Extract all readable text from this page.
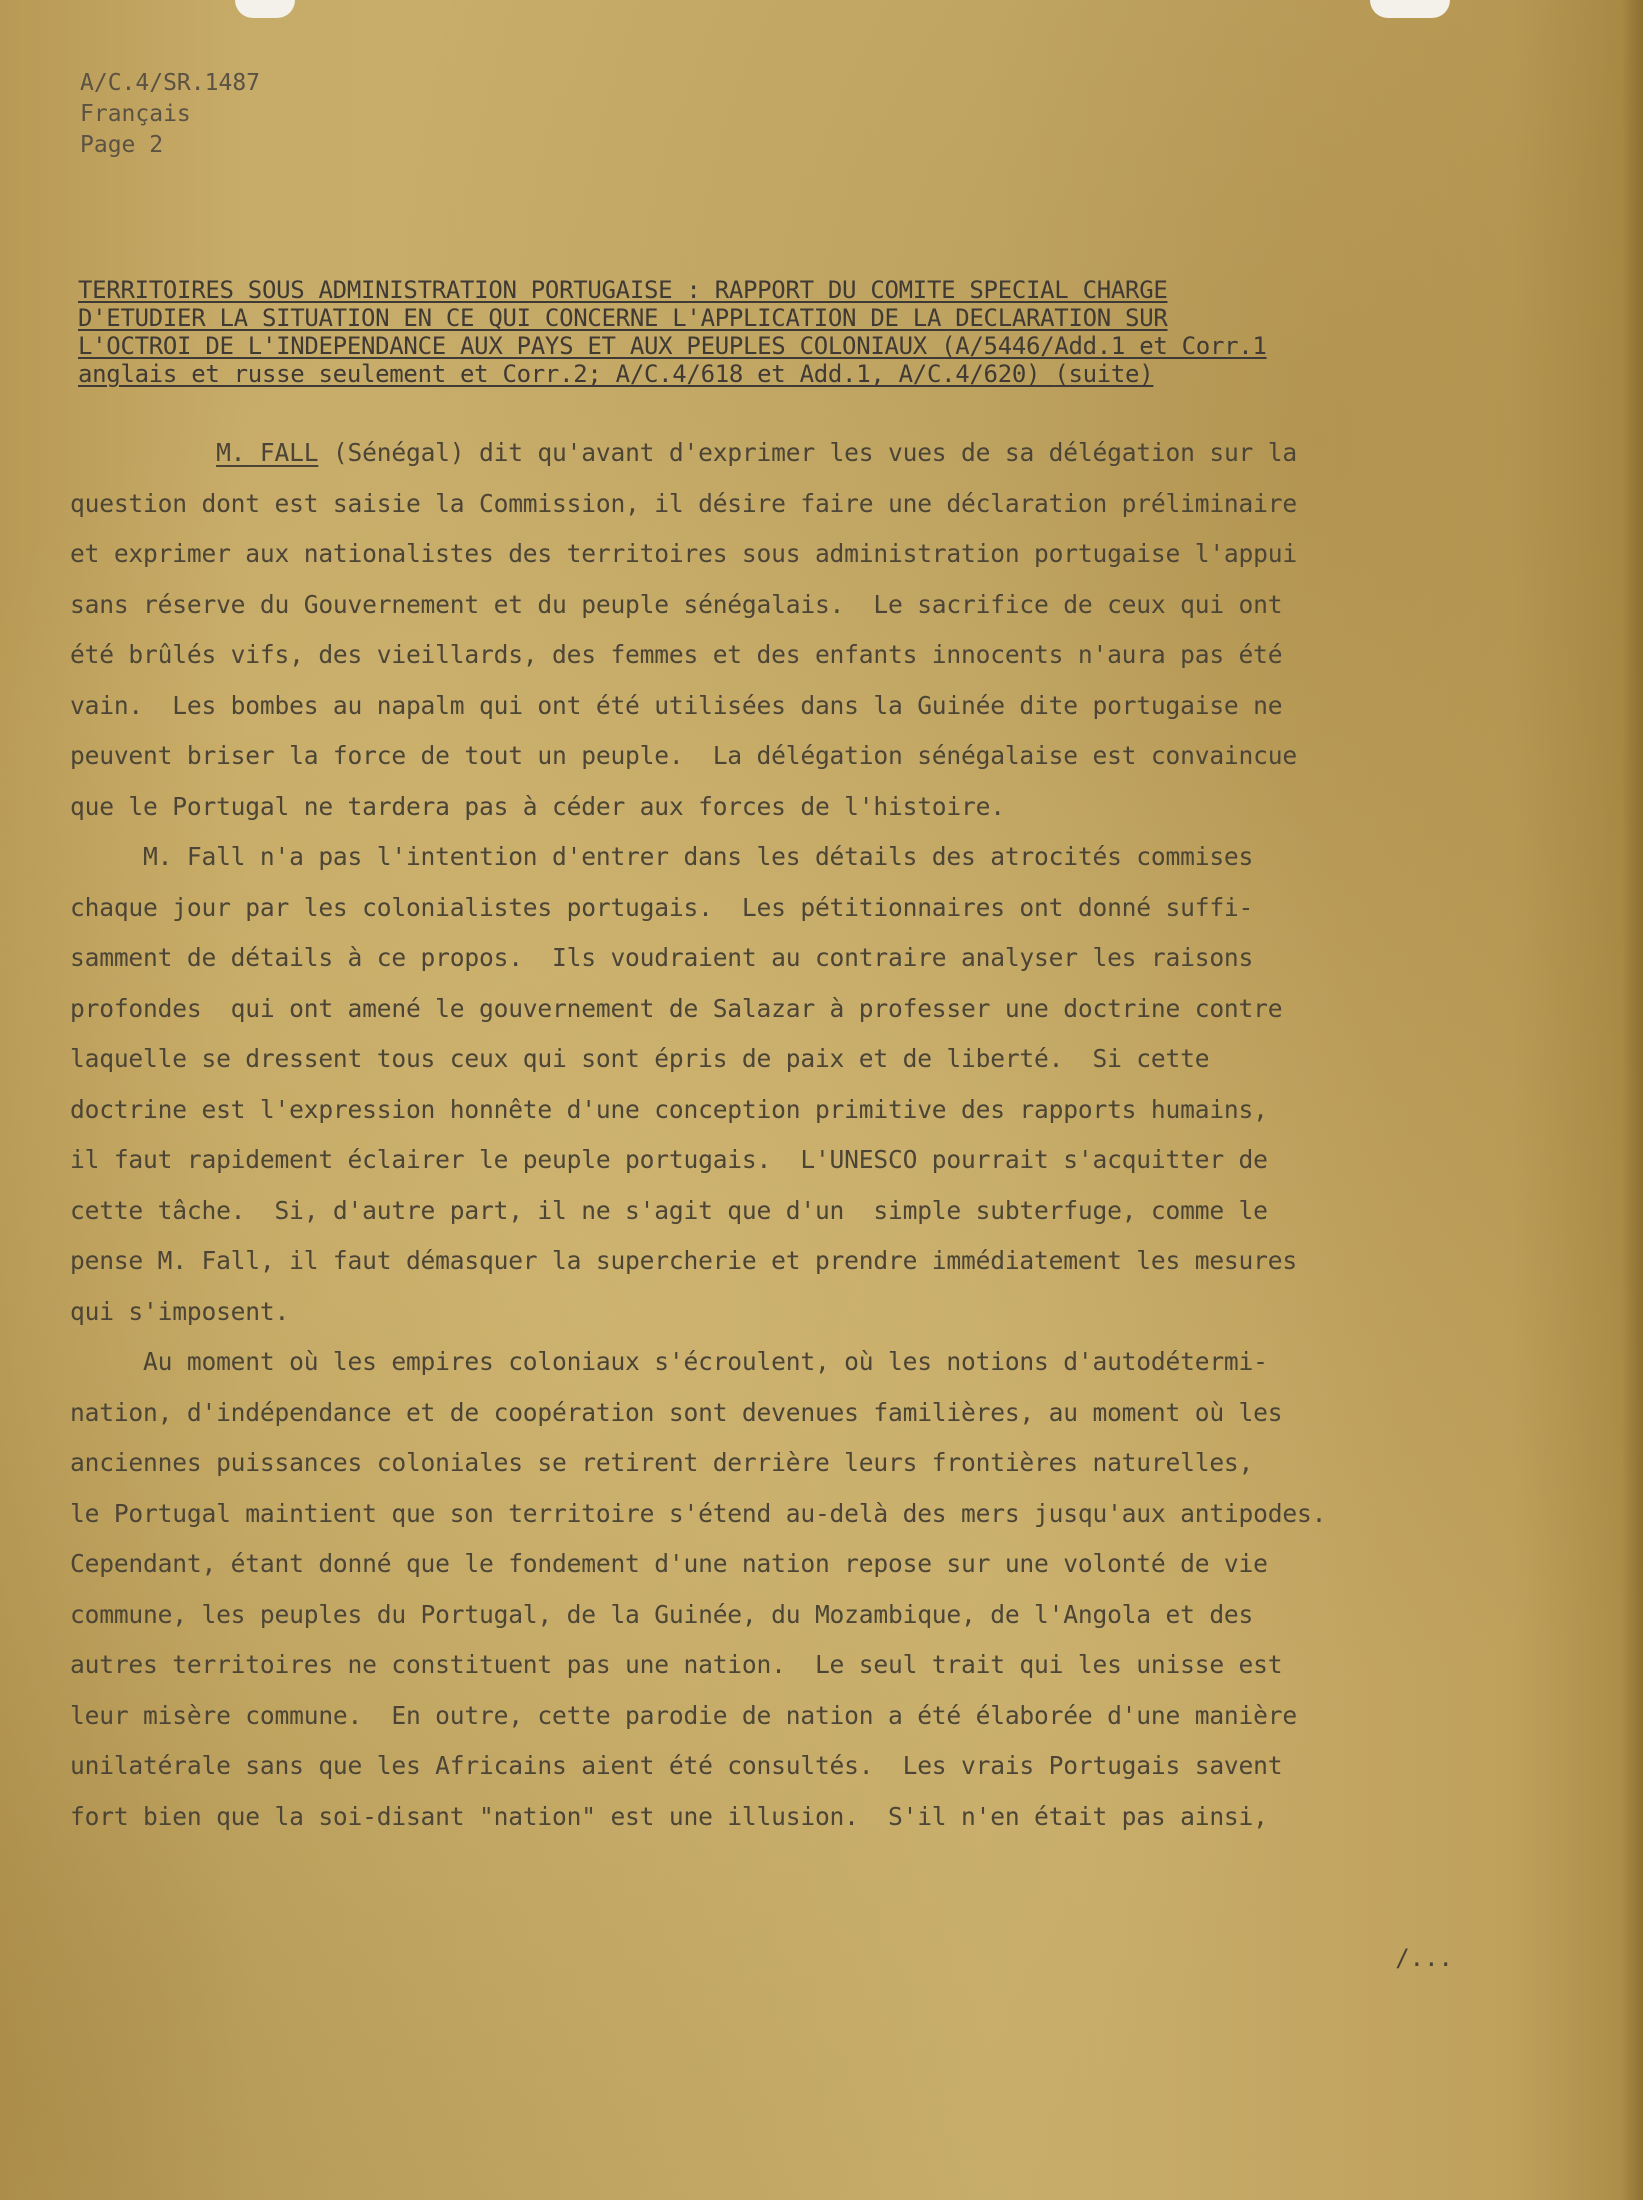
A/C.4/SR.1487
Français
Page 2
TERRITOIRES SOUS ADMINISTRATION PORTUGAISE : RAPPORT DU COMITE SPECIAL CHARGE
D'ETUDIER LA SITUATION EN CE QUI CONCERNE L'APPLICATION DE LA DECLARATION SUR
L'OCTROI DE L'INDEPENDANCE AUX PAYS ET AUX PEUPLES COLONIAUX (A/5446/Add.1 et Corr.1
anglais et russe seulement et Corr.2; A/C.4/618 et Add.1, A/C.4/620) (suite)
M. FALL (Sénégal) dit qu'avant d'exprimer les vues de sa délégation sur la
question dont est saisie la Commission, il désire faire une déclaration préliminaire
et exprimer aux nationalistes des territoires sous administration portugaise l'appui
sans réserve du Gouvernement et du peuple sénégalais.  Le sacrifice de ceux qui ont
été brûlés vifs, des vieillards, des femmes et des enfants innocents n'aura pas été
vain.  Les bombes au napalm qui ont été utilisées dans la Guinée dite portugaise ne
peuvent briser la force de tout un peuple.  La délégation sénégalaise est convaincue
que le Portugal ne tardera pas à céder aux forces de l'histoire.
M. Fall n'a pas l'intention d'entrer dans les détails des atrocités commises
chaque jour par les colonialistes portugais.  Les pétitionnaires ont donné suffi-
samment de détails à ce propos.  Ils voudraient au contraire analyser les raisons
profondes  qui ont amené le gouvernement de Salazar à professer une doctrine contre
laquelle se dressent tous ceux qui sont épris de paix et de liberté.  Si cette
doctrine est l'expression honnête d'une conception primitive des rapports humains,
il faut rapidement éclairer le peuple portugais.  L'UNESCO pourrait s'acquitter de
cette tâche.  Si, d'autre part, il ne s'agit que d'un  simple subterfuge, comme le
pense M. Fall, il faut démasquer la supercherie et prendre immédiatement les mesures
qui s'imposent.
Au moment où les empires coloniaux s'écroulent, où les notions d'autodétermi-
nation, d'indépendance et de coopération sont devenues familières, au moment où les
anciennes puissances coloniales se retirent derrière leurs frontières naturelles,
le Portugal maintient que son territoire s'étend au-delà des mers jusqu'aux antipodes.
Cependant, étant donné que le fondement d'une nation repose sur une volonté de vie
commune, les peuples du Portugal, de la Guinée, du Mozambique, de l'Angola et des
autres territoires ne constituent pas une nation.  Le seul trait qui les unisse est
leur misère commune.  En outre, cette parodie de nation a été élaborée d'une manière
unilatérale sans que les Africains aient été consultés.  Les vrais Portugais savent
fort bien que la soi-disant "nation" est une illusion.  S'il n'en était pas ainsi,
/...
